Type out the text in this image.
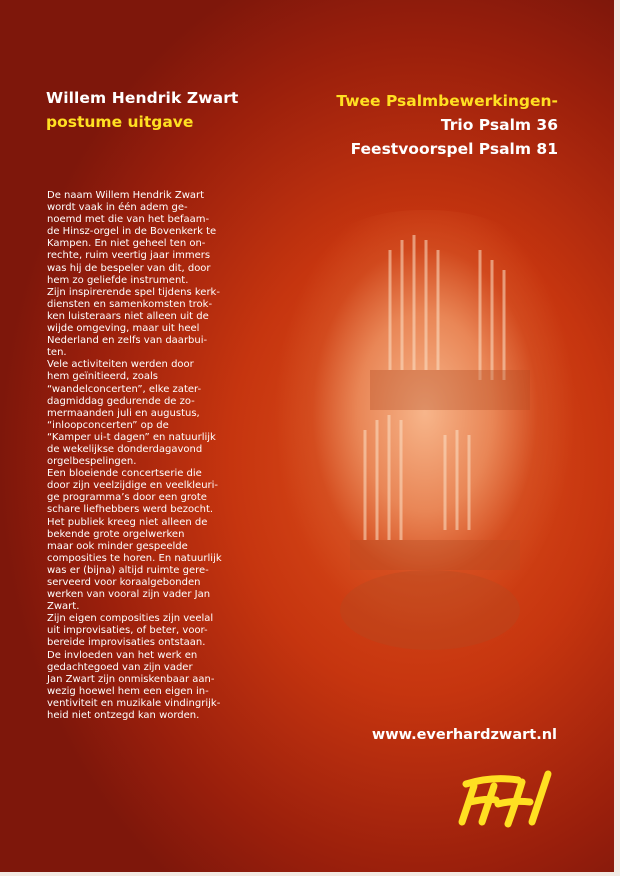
Willem Hendrik Zwart
postume uitgave
Twee Psalmbewerkingen-
Trio Psalm 36
Feestvoorspel Psalm 81
De naam Willem Hendrik Zwart
wordt vaak in één adem ge-
noemd met die van het befaam-
de Hinsz-orgel in de Bovenkerk te
Kampen. En niet geheel ten on-
rechte, ruim veertig jaar immers
was hij de bespeler van dit, door
hem zo geliefde instrument.
Zijn inspirerende spel tijdens kerk-
diensten en samenkomsten trok-
ken luisteraars niet alleen uit de
wijde omgeving, maar uit heel
Nederland en zelfs van daarbui-
ten.
Vele activiteiten werden door
hem geïnitieerd, zoals
“wandelconcerten”, elke zater-
dagmiddag gedurende de zo-
mermaanden juli en augustus,
“inloopconcerten” op de
“Kamper ui-t dagen” en natuurlijk
de wekelijkse donderdagavond
orgelbespelingen.
Een bloeiende concertserie die
door zijn veelzijdige en veelkleuri-
ge programma’s door een grote
schare liefhebbers werd bezocht.
Het publiek kreeg niet alleen de
bekende grote orgelwerken
maar ook minder gespeelde
composities te horen. En natuurlijk
was er (bijna) altijd ruimte gere-
serveerd voor koraalgebonden
werken van vooral zijn vader Jan
Zwart.
Zijn eigen composities zijn veelal
uit improvisaties, of beter, voor-
bereide improvisaties ontstaan.
De invloeden van het werk en
gedachtegoed van zijn vader
Jan Zwart zijn onmiskenbaar aan-
wezig hoewel hem een eigen in-
ventiviteit en muzikale vindingrijk-
heid niet ontzegd kan worden.
www.everhardzwart.nl
